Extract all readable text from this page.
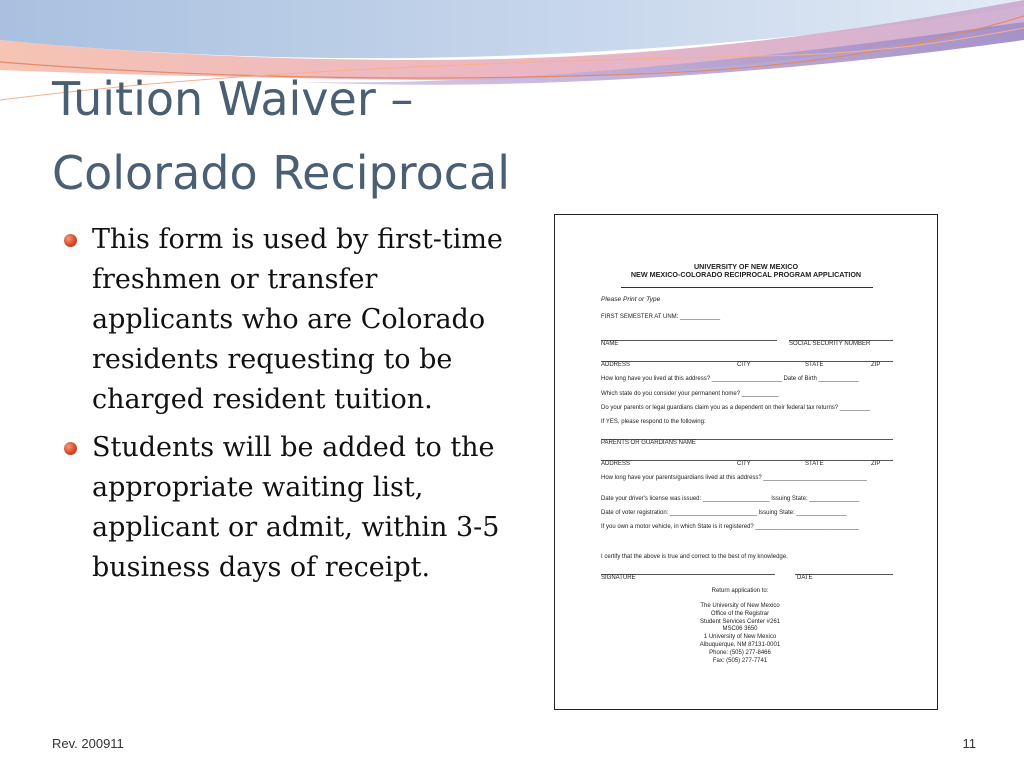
Tuition Waiver –
Colorado Reciprocal
This form is used by first-time freshmen or transfer applicants who are Colorado residents requesting to be charged resident tuition.
Students will be added to the appropriate waiting list, applicant or admit, within 3-5 business days of receipt.
UNIVERSITY OF NEW MEXICO
NEW MEXICO-COLORADO RECIPROCAL PROGRAM APPLICATION
Please Print or Type
FIRST SEMESTER AT UNM: ____________
NAME	SOCIAL SECURITY NUMBER
ADDRESS	CITY	STATE	ZIP
How long have you lived at this address? _____________________ Date of Birth ____________
Which state do you consider your permanent home? ___________
Do your parents or legal guardians claim you as a dependent on their federal tax returns? _________
If YES, please respond to the following:
PARENTS OR GUARDIANS NAME
ADDRESS	CITY	STATE	ZIP
How long have your parents/guardians lived at this address? _______________________________
Date your driver's license was issued: ____________________ Issuing State: _______________
Date of voter registration: __________________________ Issuing State: _______________
If you own a motor vehicle, in which State is it registered? _______________________________
I certify that the above is true and correct to the best of my knowledge.
SIGNATURE	DATE
Return application to:
The University of New Mexico
Office of the Registrar
Student Services Center #261
MSC06 3650
1 University of New Mexico
Albuquerque, NM 87131-0001
Phone: (505) 277-8466
Fax: (505) 277-7741
Rev. 200911	11
